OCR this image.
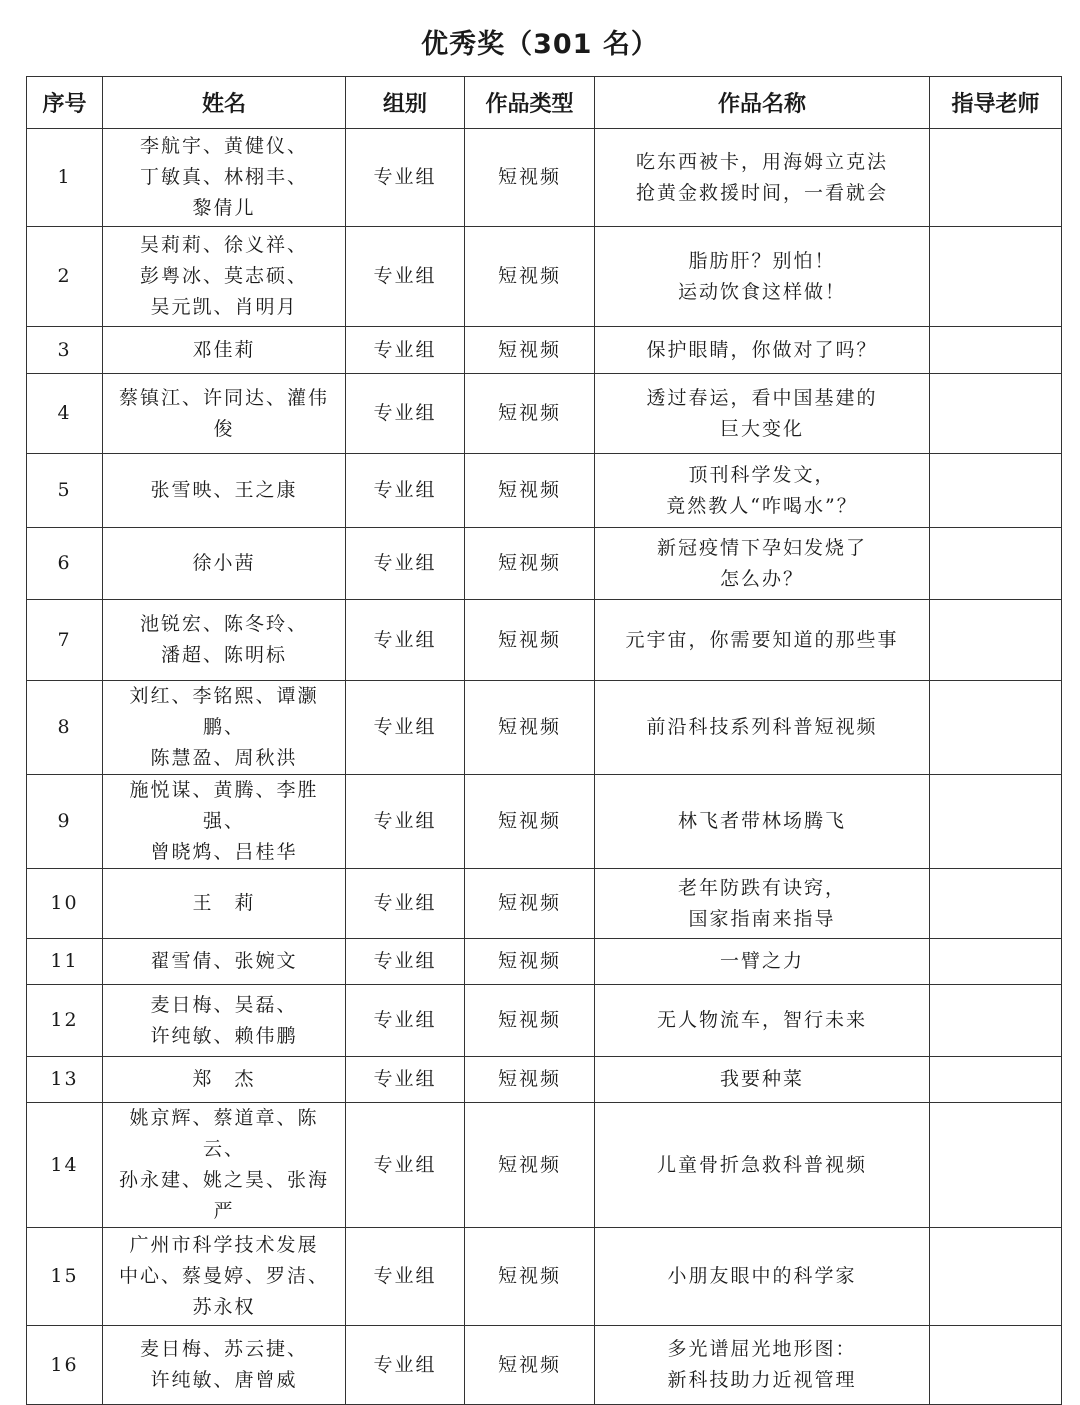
优秀奖（301 名）
序号	姓名	组别	作品类型	作品名称	指导老师
1	李航宇、黄健仪、
丁敏真、林栩丰、
黎倩儿	专业组	短视频	吃东西被卡，用海姆立克法
抢黄金救援时间，一看就会	
2	吴莉莉、徐义祥、
彭粤冰、莫志硕、
吴元凯、肖明月	专业组	短视频	脂肪肝？别怕！
运动饮食这样做！	
3	邓佳莉	专业组	短视频	保护眼睛，你做对了吗？	
4	蔡镇江、许同达、灌伟俊	专业组	短视频	透过春运，看中国基建的
巨大变化	
5	张雪映、王之康	专业组	短视频	顶刊科学发文，
竟然教人“咋喝水”？	
6	徐小茜	专业组	短视频	新冠疫情下孕妇发烧了
怎么办？	
7	池锐宏、陈冬玲、
潘超、陈明标	专业组	短视频	元宇宙，你需要知道的那些事	
8	刘红、李铭熙、谭灏鹏、
陈慧盈、周秋洪	专业组	短视频	前沿科技系列科普短视频	
9	施悦谋、黄腾、李胜强、
曾晓鸩、吕桂华	专业组	短视频	林飞者带林场腾飞	
10	王　莉	专业组	短视频	老年防跌有诀窍，
国家指南来指导	
11	翟雪倩、张婉文	专业组	短视频	一臂之力	
12	麦日梅、吴磊、
许纯敏、赖伟鹏	专业组	短视频	无人物流车，智行未来	
13	郑　杰	专业组	短视频	我要种菜	
14	姚京辉、蔡道章、陈云、
孙永建、姚之昊、张海严	专业组	短视频	儿童骨折急救科普视频	
15	广州市科学技术发展
中心、蔡曼婷、罗洁、
苏永权	专业组	短视频	小朋友眼中的科学家	
16	麦日梅、苏云捷、
许纯敏、唐曾威	专业组	短视频	多光谱屈光地形图：
新科技助力近视管理	
